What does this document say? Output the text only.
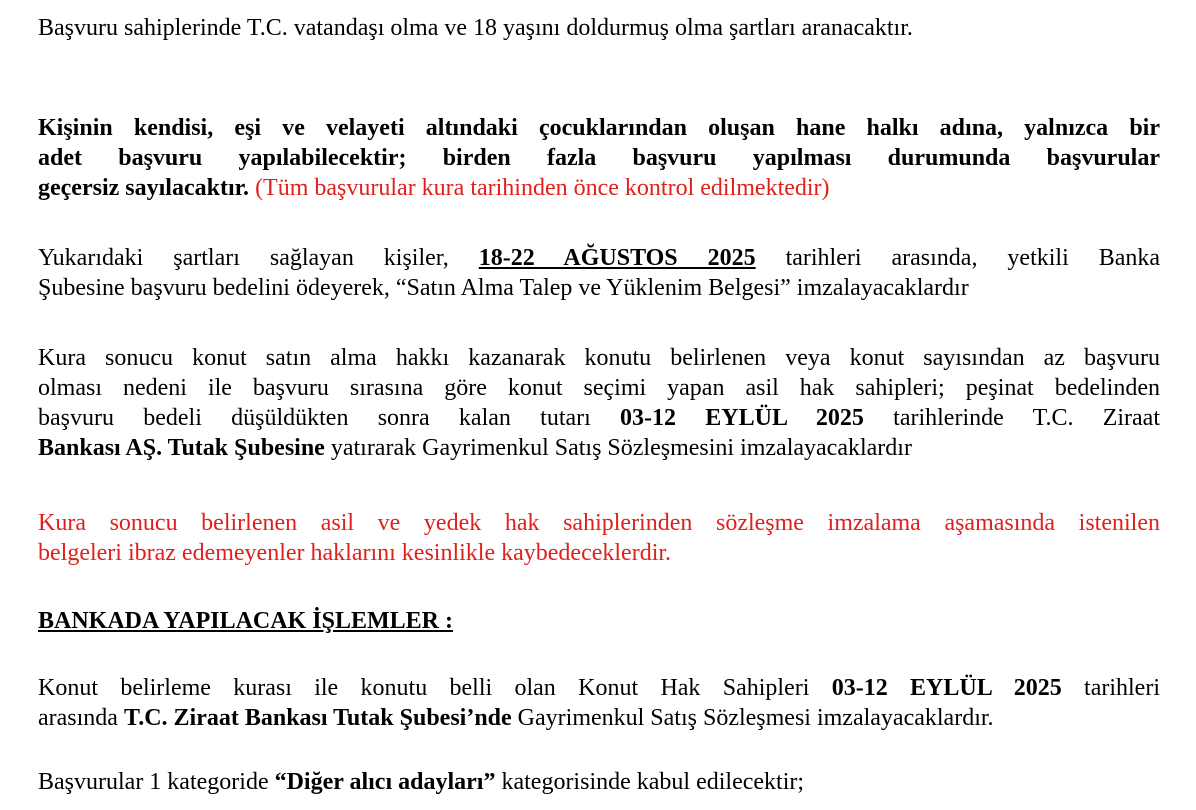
Başvuru sahiplerinde T.C. vatandaşı olma ve 18 yaşını doldurmuş olma şartları aranacaktır.

Kişinin kendisi, eşi ve velayeti altındaki çocuklarından oluşan hane halkı adına, yalnızca bir
adet başvuru yapılabilecektir; birden fazla başvuru yapılması durumunda başvurular
geçersiz sayılacaktır. (Tüm başvurular kura tarihinden önce kontrol edilmektedir)

Yukarıdaki şartları sağlayan kişiler, 18-22 AĞUSTOS 2025 tarihleri arasında, yetkili Banka
Şubesine başvuru bedelini ödeyerek, “Satın Alma Talep ve Yüklenim Belgesi” imzalayacaklardır

Kura sonucu konut satın alma hakkı kazanarak konutu belirlenen veya konut sayısından az başvuru
olması nedeni ile başvuru sırasına göre konut seçimi yapan asil hak sahipleri; peşinat bedelinden
başvuru bedeli düşüldükten sonra kalan tutarı 03-12 EYLÜL 2025 tarihlerinde T.C. Ziraat
Bankası AŞ. Tutak Şubesine yatırarak Gayrimenkul Satış Sözleşmesini imzalayacaklardır

Kura sonucu belirlenen asil ve yedek hak sahiplerinden sözleşme imzalama aşamasında istenilen
belgeleri ibraz edemeyenler haklarını kesinlikle kaybedeceklerdir.

BANKADA YAPILACAK İŞLEMLER :

Konut belirleme kurası ile konutu belli olan Konut Hak Sahipleri 03-12 EYLÜL 2025 tarihleri
arasında T.C. Ziraat Bankası Tutak Şubesi’nde Gayrimenkul Satış Sözleşmesi imzalayacaklardır.

Başvurular 1 kategoride “Diğer alıcı adayları” kategorisinde kabul edilecektir;
